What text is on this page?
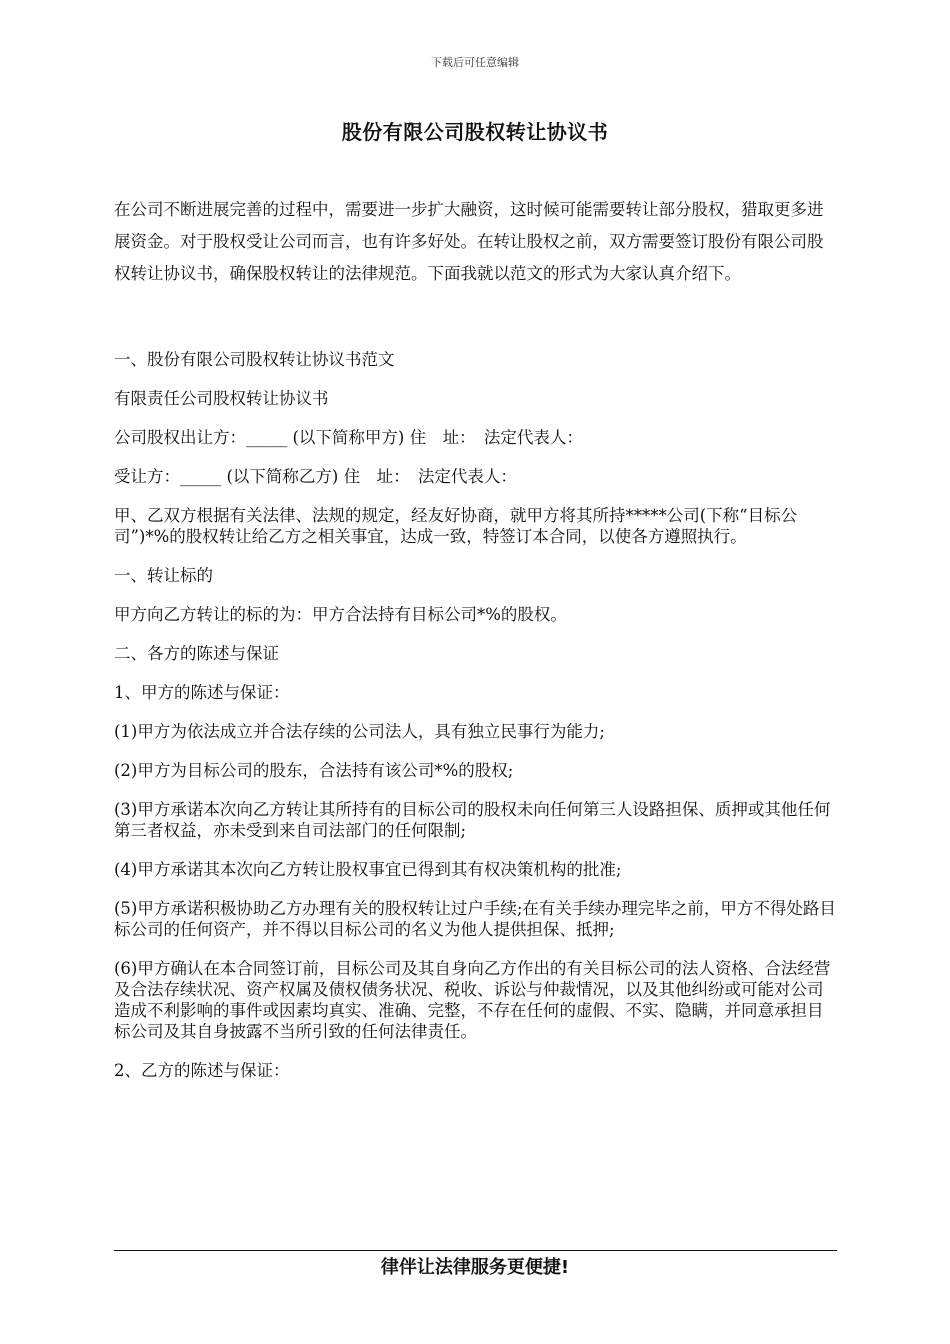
下载后可任意编辑
股份有限公司股权转让协议书

在公司不断进展完善的过程中，需要进一步扩大融资，这时候可能需要转让部分股权，猎取更多进展资金。对于股权受让公司而言，也有许多好处。在转让股权之前，双方需要签订股份有限公司股权转让协议书，确保股权转让的法律规范。下面我就以范文的形式为大家认真介绍下。

一、股份有限公司股权转让协议书范文

有限责任公司股权转让协议书

公司股权出让方：_____ (以下简称甲方) 住　址：　法定代表人：

受让方：_____ (以下简称乙方) 住　址：　法定代表人：

甲、乙双方根据有关法律、法规的规定，经友好协商，就甲方将其所持*****公司(下称“目标公司”)*%的股权转让给乙方之相关事宜，达成一致，特签订本合同，以使各方遵照执行。

一、转让标的

甲方向乙方转让的标的为：甲方合法持有目标公司*%的股权。

二、各方的陈述与保证

1、甲方的陈述与保证：

(1)甲方为依法成立并合法存续的公司法人，具有独立民事行为能力;

(2)甲方为目标公司的股东，合法持有该公司*%的股权;

(3)甲方承诺本次向乙方转让其所持有的目标公司的股权未向任何第三人设路担保、质押或其他任何第三者权益，亦未受到来自司法部门的任何限制;

(4)甲方承诺其本次向乙方转让股权事宜已得到其有权决策机构的批准;

(5)甲方承诺积极协助乙方办理有关的股权转让过户手续;在有关手续办理完毕之前，甲方不得处路目标公司的任何资产，并不得以目标公司的名义为他人提供担保、抵押;

(6)甲方确认在本合同签订前，目标公司及其自身向乙方作出的有关目标公司的法人资格、合法经营及合法存续状况、资产权属及债权债务状况、税收、诉讼与仲裁情况，以及其他纠纷或可能对公司造成不利影响的事件或因素均真实、准确、完整，不存在任何的虚假、不实、隐瞒，并同意承担目标公司及其自身披露不当所引致的任何法律责任。

2、乙方的陈述与保证：

律伴让法律服务更便捷!
